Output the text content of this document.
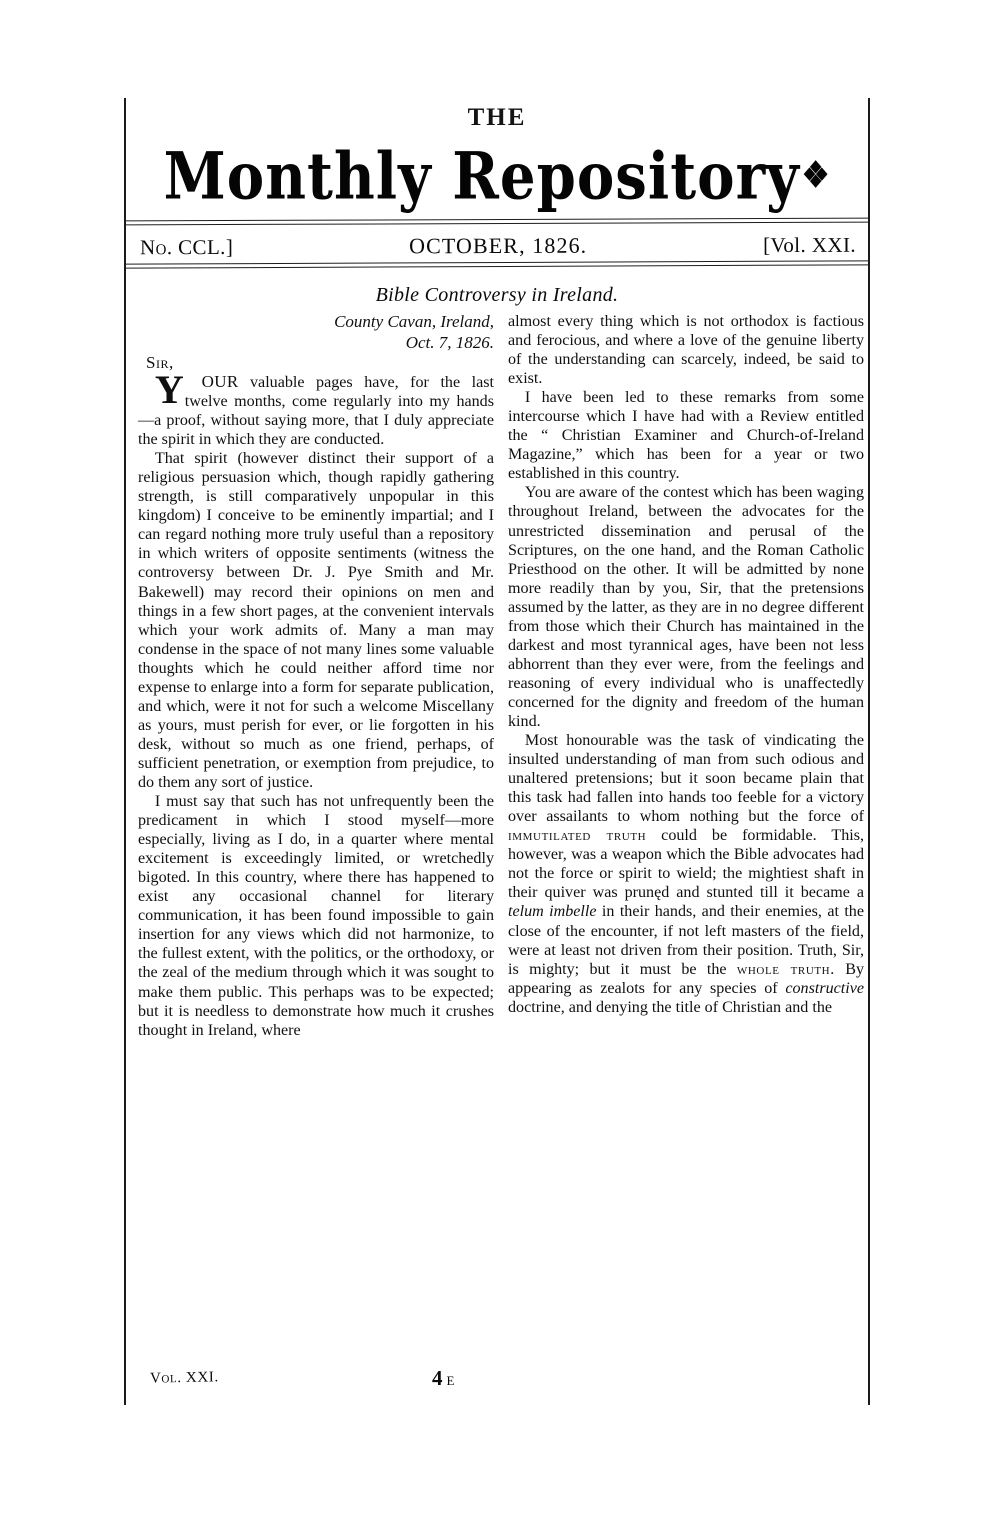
THE
Monthly Repository❖
No. CCL.]	OCTOBER, 1826.	[Vol. XXI.
Bible Controversy in Ireland.
County Cavan, Ireland,
Oct. 7, 1826.
Sir,

Y OUR valuable pages have, for the last twelve months, come regularly into my hands—a proof, without saying more, that I duly appreciate the spirit in which they are conducted.

That spirit (however distinct their support of a religious persuasion which, though rapidly gathering strength, is still comparatively unpopular in this kingdom) I conceive to be eminently impartial; and I can regard nothing more truly useful than a repository in which writers of opposite sentiments (witness the controversy between Dr. J. Pye Smith and Mr. Bakewell) may record their opinions on men and things in a few short pages, at the convenient intervals which your work admits of. Many a man may condense in the space of not many lines some valuable thoughts which he could neither afford time nor expense to enlarge into a form for separate publication, and which, were it not for such a welcome Miscellany as yours, must perish for ever, or lie forgotten in his desk, without so much as one friend, perhaps, of sufficient penetration, or exemption from prejudice, to do them any sort of justice.

I must say that such has not unfrequently been the predicament in which I stood myself—more especially, living as I do, in a quarter where mental excitement is exceedingly limited, or wretchedly bigoted. In this country, where there has happened to exist any occasional channel for literary communication, it has been found impossible to gain insertion for any views which did not harmonize, to the fullest extent, with the politics, or the orthodoxy, or the zeal of the medium through which it was sought to make them public. This perhaps was to be expected; but it is needless to demonstrate how much it crushes thought in Ireland, where

almost every thing which is not orthodox is factious and ferocious, and where a love of the genuine liberty of the understanding can scarcely, indeed, be said to exist.

I have been led to these remarks from some intercourse which I have had with a Review entitled the “ Christian Examiner and Church-of-Ireland Magazine,” which has been for a year or two established in this country.

You are aware of the contest which has been waging throughout Ireland, between the advocates for the unrestricted dissemination and perusal of the Scriptures, on the one hand, and the Roman Catholic Priesthood on the other. It will be admitted by none more readily than by you, Sir, that the pretensions assumed by the latter, as they are in no degree different from those which their Church has maintained in the darkest and most tyrannical ages, have been not less abhorrent than they ever were, from the feelings and reasoning of every individual who is unaffectedly concerned for the dignity and freedom of the human kind.

Most honourable was the task of vindicating the insulted understanding of man from such odious and unaltered pretensions; but it soon became plain that this task had fallen into hands too feeble for a victory over assailants to whom nothing but the force of immutilated truth could be formidable. This, however, was a weapon which the Bible advocates had not the force or spirit to wield; the mightiest shaft in their quiver was prunęd and stunted till it became a telum imbelle in their hands, and their enemies, at the close of the encounter, if not left masters of the field, were at least not driven from their position. Truth, Sir, is mighty; but it must be the whole truth. By appearing as zealots for any species of constructive doctrine, and denying the title of Christian and the

Vol. XXI.	4 E
